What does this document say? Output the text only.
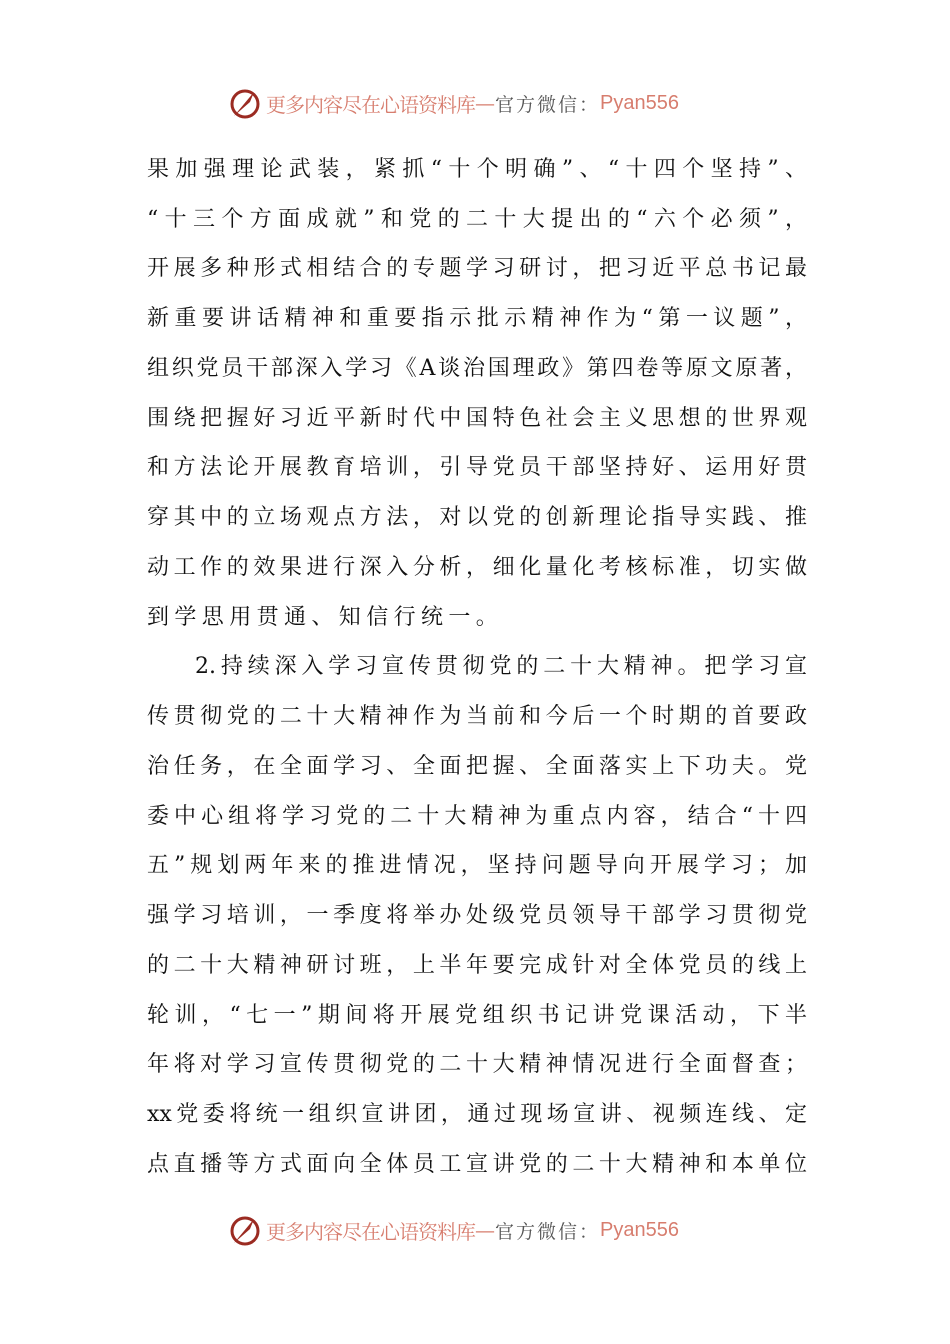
更多内容尽在心语资料库 — 官方微信： Pyan556
果加强理论武装，紧抓“十个明确”、“十四个坚持”、
“十三个方面成就”和党的二十大提出的“六个必须”，
开展多种形式相结合的专题学习研讨，把习近平总书记最
新重要讲话精神和重要指示批示精神作为“第一议题”，
组织党员干部深入学习《A谈治国理政》第四卷等原文原著，
围绕把握好习近平新时代中国特色社会主义思想的世界观
和方法论开展教育培训，引导党员干部坚持好、运用好贯
穿其中的立场观点方法，对以党的创新理论指导实践、推
动工作的效果进行深入分析，细化量化考核标准，切实做
到学思用贯通、知信行统一。
2.持续深入学习宣传贯彻党的二十大精神。把学习宣
传贯彻党的二十大精神作为当前和今后一个时期的首要政
治任务，在全面学习、全面把握、全面落实上下功夫。党
委中心组将学习党的二十大精神为重点内容，结合“十四
五”规划两年来的推进情况，坚持问题导向开展学习；加
强学习培训，一季度将举办处级党员领导干部学习贯彻党
的二十大精神研讨班，上半年要完成针对全体党员的线上
轮训，“七一”期间将开展党组织书记讲党课活动，下半
年将对学习宣传贯彻党的二十大精神情况进行全面督查；
xx党委将统一组织宣讲团，通过现场宣讲、视频连线、定
点直播等方式面向全体员工宣讲党的二十大精神和本单位
更多内容尽在心语资料库 — 官方微信： Pyan556
